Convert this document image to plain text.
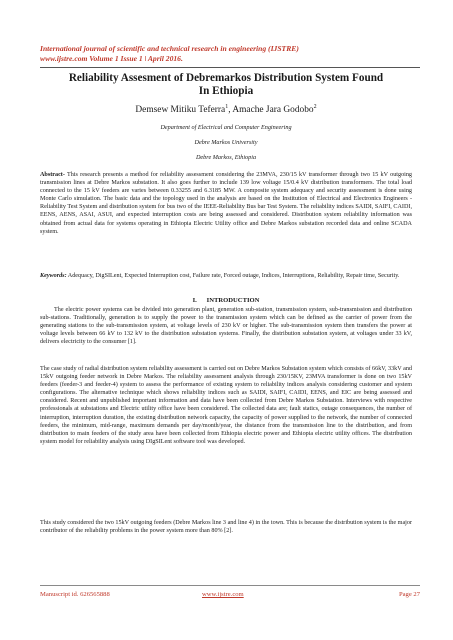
International journal of scientific and technical research in engineering (IJSTRE)
www.ijstre.com Volume 1 Issue 1 ǀ April 2016.
Reliability Assesment of Debremarkos Distribution System Found
In Ethiopia
Demsew Mitiku Teferra$^1$, Amache Jara Godobo$^2$
Department of Electrical and Computer Engineering
Debre Markos University
Debre Markos, Ethiopia
Abstract- This research presents a method for reliability assessment considering the 23MVA, 230/15 kV transformer through two 15 kV outgoing transmission lines at Debre Markos substation. It also goes further to include 139 low voltage 15/0.4 kV distribution transformers. The total load connected to the 15 kV feeders are varies between 0.33255 and 6.3185 MW. A composite system adequacy and security assessment is done using Monte Carlo simulation. The basic data and the topology used in the analysis are based on the Institution of Electrical and Electronics Engineers - Reliability Test System and distribution system for bus two of the IEEE-Reliability Bus bar Test System. The reliability indices SAIDI, SAIFI, CAIDI, EENS, AENS, ASAI, ASUI, and expected interruption costs are being assessed and considered. Distribution system reliability information was obtained from actual data for systems operating in Ethiopia Electric Utility office and Debre Markos substation recorded data and online SCADA system.
Keywords: Adequacy, DigSILent, Expected Interruption cost, Failure rate, Forced outage, Indices, Interruptions, Reliability, Repair time, Security.
I.      INTRODUCTION
The electric power systems can be divided into generation plant, generation sub-station, transmission system, sub-transmission and distribution sub-stations. Traditionally, generation is to supply the power to the transmission system which can be defined as the carrier of power from the generating stations to the sub-transmission system, at voltage levels of 230 kV or higher. The sub-transmission system then transfers the power at voltage levels between 66 kV to 132 kV to the distribution substation systems. Finally, the distribution substation system, at voltages under 33 kV, delivers electricity to the consumer [1].
The case study of radial distribution system reliability assessment is carried out on Debre Markos Substation system which consists of 66kV, 33kV and 15kV outgoing feeder network in Debre Markos. The reliability assessment analysis through 230/15KV, 23MVA transformer is done on two 15kV feeders (feeder-3 and feeder-4) system to assess the performance of existing system to reliability indices analysis considering customer and system configurations. The alternative technique which shows reliability indices such as SAIDI, SAIFI, CAIDI, EENS, and EIC are being assessed and considered. Recent and unpublished important information and data have been collected from Debre Markos Substation. Interviews with respective professionals at substations and Electric utility office have been considered. The collected data are; fault statics, outage consequences, the number of interruption, interruption duration, the existing distribution network capacity, the capacity of power supplied to the network, the number of connected feeders, the minimum, mid-range, maximum demands per day/month/year, the distance from the transmission line to the distribution, and from distribution to main feeders of the study area have been collected from Ethiopia electric power and Ethiopia electric utility offices. The distribution system model for reliability analysis using DIgSILent software tool was developed.
This study considered the two 15kV outgoing feeders (Debre Markos line 3 and line 4) in the town. This is because the distribution system is the major contributor of the reliability problems in the power system more than 80% [2].
Manuscript id. 626565888	www.ijstre.com	Page 27
